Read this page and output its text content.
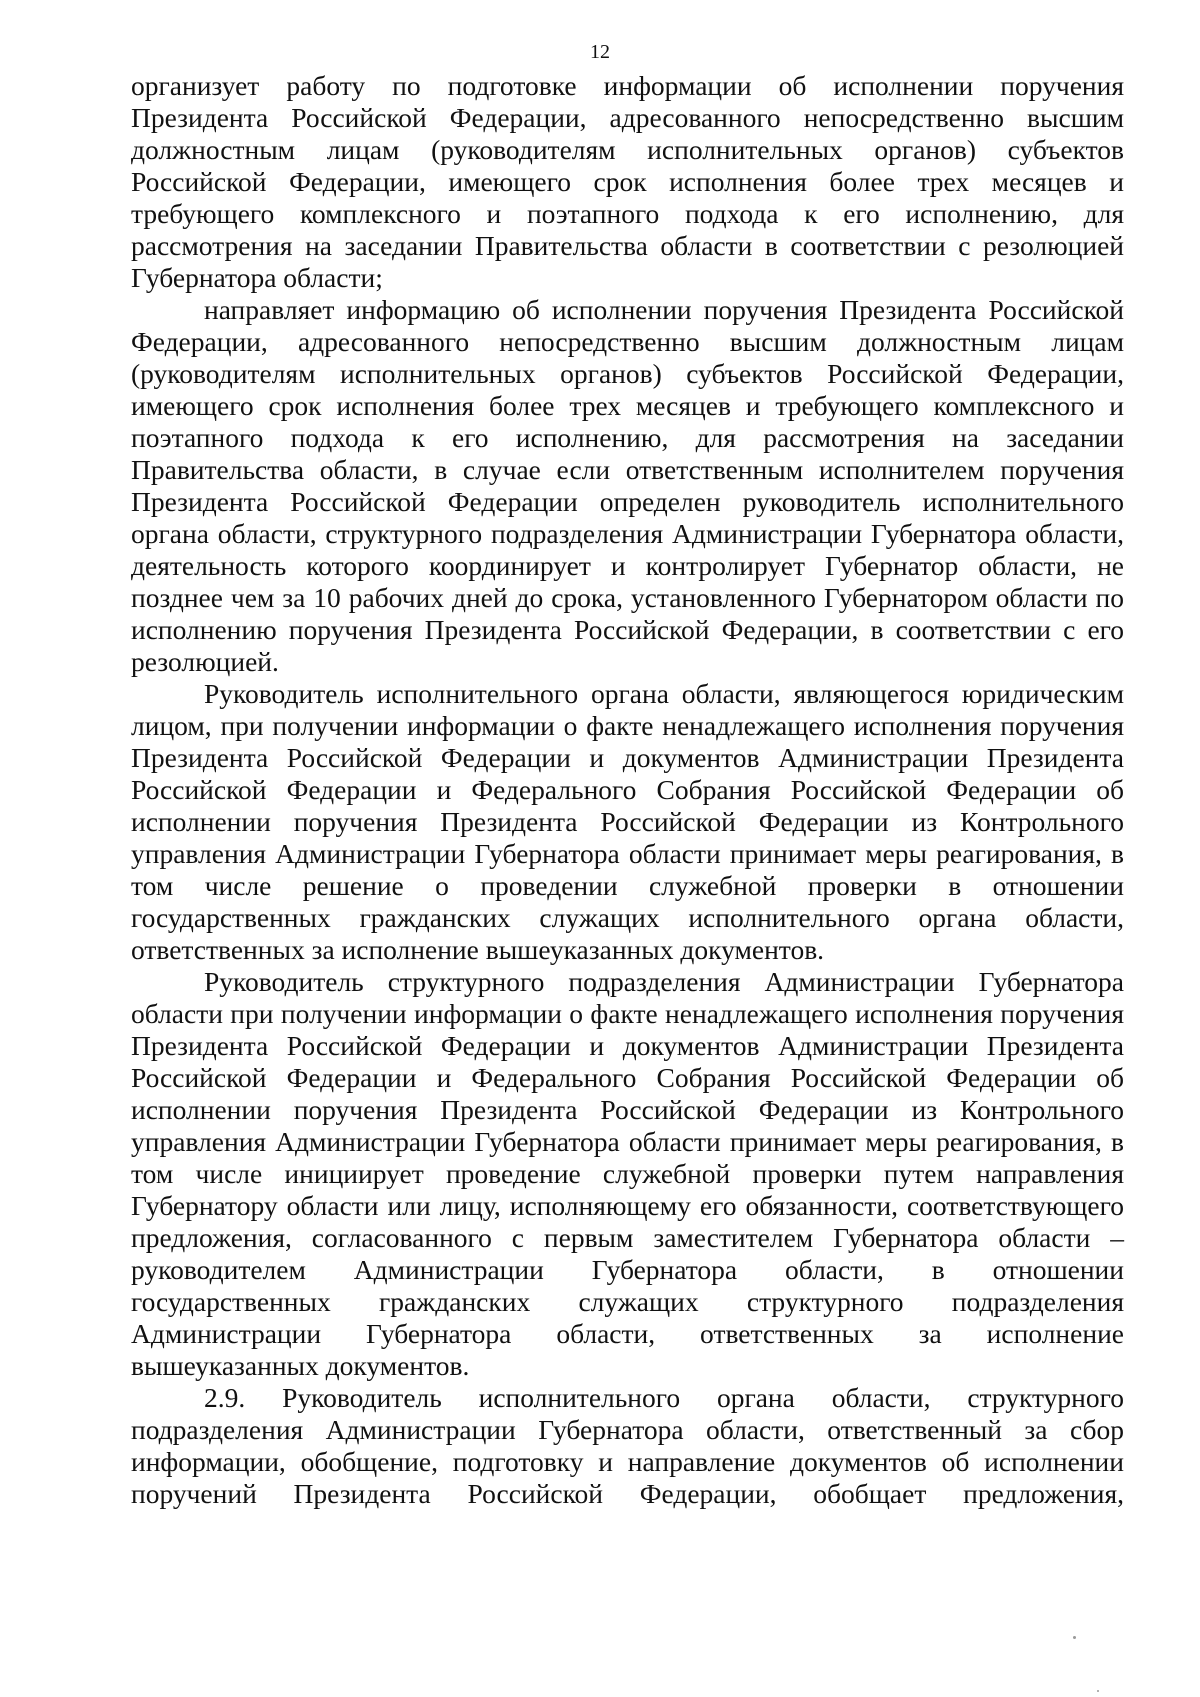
12

организует работу по подготовке информации об исполнении поручения Президента Российской Федерации, адресованного непосредственно высшим должностным лицам (руководителям исполнительных органов) субъектов Российской Федерации, имеющего срок исполнения более трех месяцев и требующего комплексного и поэтапного подхода к его исполнению, для рассмотрения на заседании Правительства области в соответствии с резолюцией Губернатора области;

направляет информацию об исполнении поручения Президента Российской Федерации, адресованного непосредственно высшим должностным лицам (руководителям исполнительных органов) субъектов Российской Федерации, имеющего срок исполнения более трех месяцев и требующего комплексного и поэтапного подхода к его исполнению, для рассмотрения на заседании Правительства области, в случае если ответственным исполнителем поручения Президента Российской Федерации определен руководитель исполнительного органа области, структурного подразделения Администрации Губернатора области, деятельность которого координирует и контролирует Губернатор области, не позднее чем за 10 рабочих дней до срока, установленного Губернатором области по исполнению поручения Президента Российской Федерации, в соответствии с его резолюцией.

Руководитель исполнительного органа области, являющегося юридическим лицом, при получении информации о факте ненадлежащего исполнения поручения Президента Российской Федерации и документов Администрации Президента Российской Федерации и Федерального Собрания Российской Федерации об исполнении поручения Президента Российской Федерации из Контрольного управления Администрации Губернатора области принимает меры реагирования, в том числе решение о проведении служебной проверки в отношении государственных гражданских служащих исполнительного органа области, ответственных за исполнение вышеуказанных документов.

Руководитель структурного подразделения Администрации Губернатора области при получении информации о факте ненадлежащего исполнения поручения Президента Российской Федерации и документов Администрации Президента Российской Федерации и Федерального Собрания Российской Федерации об исполнении поручения Президента Российской Федерации из Контрольного управления Администрации Губернатора области принимает меры реагирования, в том числе инициирует проведение служебной проверки путем направления Губернатору области или лицу, исполняющему его обязанности, соответствующего предложения, согласованного с первым заместителем Губернатора области – руководителем Администрации Губернатора области, в отношении государственных гражданских служащих структурного подразделения Администрации Губернатора области, ответственных за исполнение вышеуказанных документов.

2.9. Руководитель исполнительного органа области, структурного подразделения Администрации Губернатора области, ответственный за сбор информации, обобщение, подготовку и направление документов об исполнении поручений Президента Российской Федерации, обобщает предложения,
